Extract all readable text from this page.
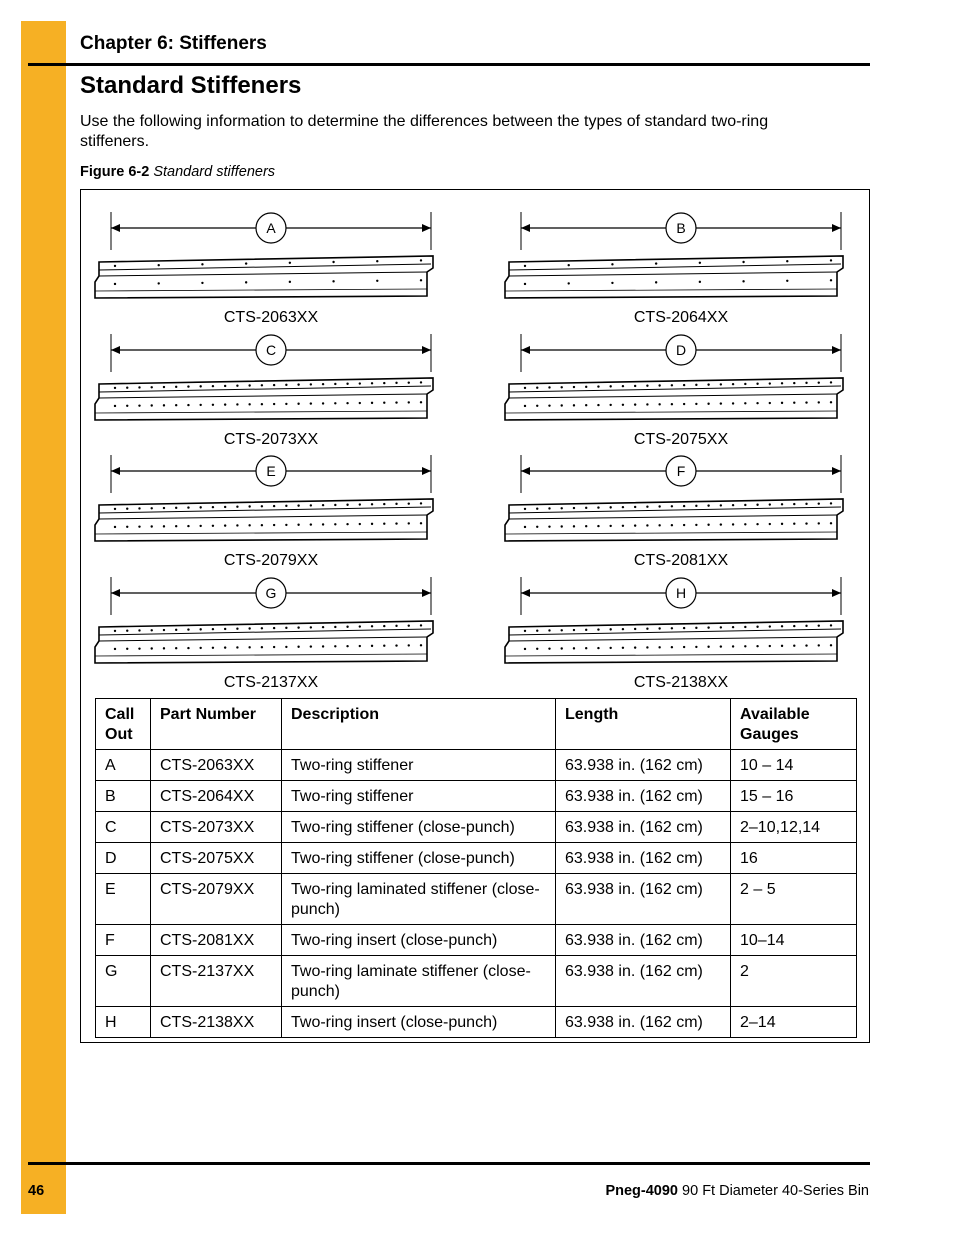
Chapter 6: Stiffeners
Standard Stiffeners
Use the following information to determine the differences between the types of standard two-ring stiffeners.
Figure 6-2 Standard stiffeners
A
CTS-2063XX
B
CTS-2064XX
C
CTS-2073XX
D
CTS-2075XX
E
CTS-2079XX
F
CTS-2081XX
G
CTS-2137XX
H
CTS-2138XX
Call Out	Part Number	Description	Length	Available Gauges
A	CTS-2063XX	Two-ring stiffener	63.938 in. (162 cm)	10 – 14
B	CTS-2064XX	Two-ring stiffener	63.938 in. (162 cm)	15 – 16
C	CTS-2073XX	Two-ring stiffener (close-punch)	63.938 in. (162 cm)	2–10,12,14
D	CTS-2075XX	Two-ring stiffener (close-punch)	63.938 in. (162 cm)	16
E	CTS-2079XX	Two-ring laminated stiffener (close-punch)	63.938 in. (162 cm)	2 – 5
F	CTS-2081XX	Two-ring insert (close-punch)	63.938 in. (162 cm)	10–14
G	CTS-2137XX	Two-ring laminate stiffener (close-punch)	63.938 in. (162 cm)	2
H	CTS-2138XX	Two-ring insert (close-punch)	63.938 in. (162 cm)	2–14
46	Pneg-4090 90 Ft Diameter 40-Series Bin
